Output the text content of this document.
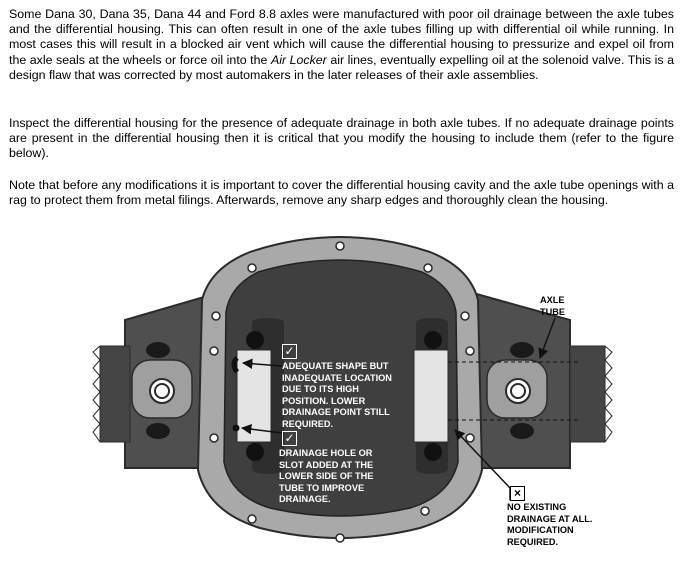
Some Dana 30, Dana 35, Dana 44 and Ford 8.8 axles were manufactured with poor oil drainage between the axle tubes and the differential housing. This can often result in one of the axle tubes filling up with differential oil while running. In most cases this will result in a blocked air vent which will cause the differential housing to pressurize and expel oil from the axle seals at the wheels or force oil into the Air Locker air lines, eventually expelling oil at the solenoid valve. This is a design flaw that was corrected by most automakers in the later releases of their axle assemblies.

Inspect the differential housing for the presence of adequate drainage in both axle tubes. If no adequate drainage points are present in the differential housing then it is critical that you modify the housing to include them (refer to the figure below).

Note that before any modifications it is important to cover the differential housing cavity and the axle tube openings with a rag to protect them from metal filings. Afterwards, remove any sharp edges and thoroughly clean the housing.

✓
ADEQUATE SHAPE BUT
INADEQUATE LOCATION
DUE TO ITS HIGH
POSITION. LOWER
DRAINAGE POINT STILL
REQUIRED.
✓
DRAINAGE HOLE OR
SLOT ADDED AT THE
LOWER SIDE OF THE
TUBE TO IMPROVE
DRAINAGE.	×
NO EXISTING
DRAINAGE AT ALL.
MODIFICATION
REQUIRED.
AXLE
TUBE
